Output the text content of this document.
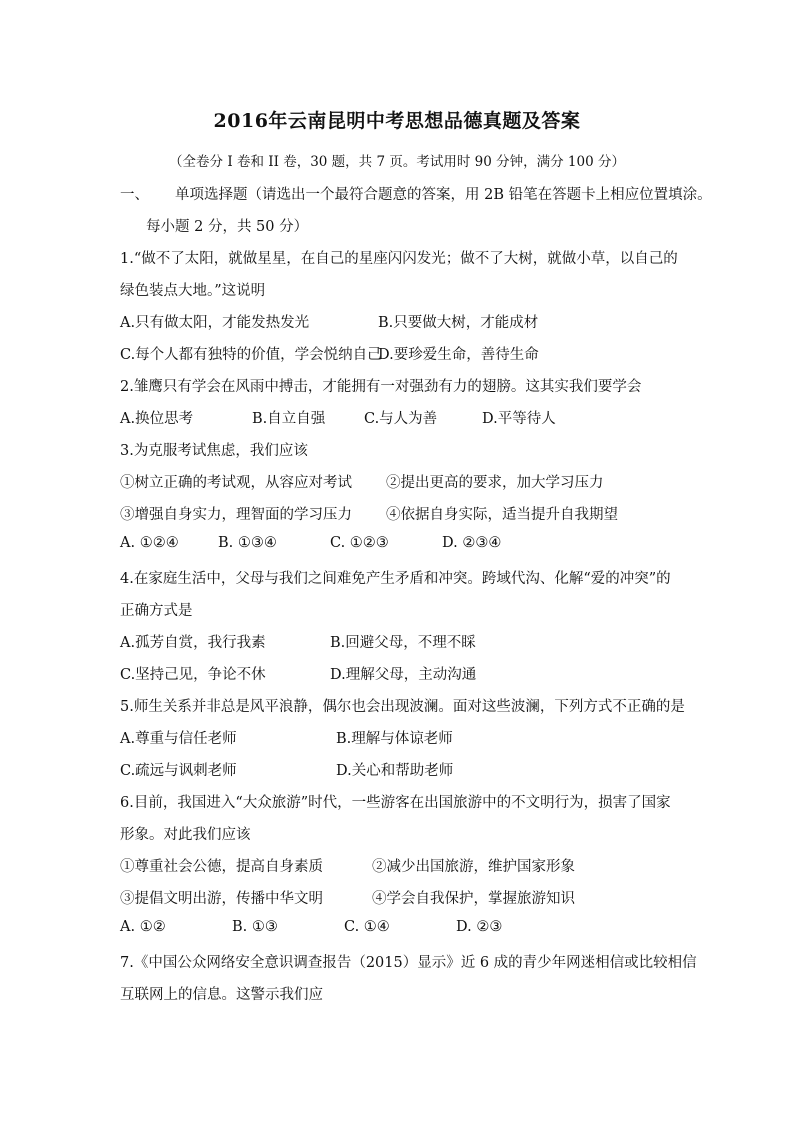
2016年云南昆明中考思想品德真题及答案
（全卷分 I 卷和 II 卷，30 题，共 7 页。考试用时 90 分钟，满分 100 分）
一、 单项选择题（请选出一个最符合题意的答案，用 2B 铅笔在答题卡上相应位置填涂。
每小题 2 分，共 50 分）
1.“做不了太阳，就做星星，在自己的星座闪闪发光；做不了大树，就做小草，以自己的
绿色装点大地。”这说明
A.只有做太阳，才能发热发光	B.只要做大树，才能成材
C.每个人都有独特的价值，学会悦纳自己
D.要珍爱生命，善待生命
2.雏鹰只有学会在风雨中搏击，才能拥有一对强劲有力的翅膀。这其实我们要学会
A.换位思考	B.自立自强	C.与人为善	D.平等待人
3.为克服考试焦虑，我们应该
①树立正确的考试观，从容应对考试 ②提出更高的要求，加大学习压力
③增强自身实力，理智面的学习压力 ④依据自身实际，适当提升自我期望
A. ①②④	B. ①③④	C. ①②③	D. ②③④
4.在家庭生活中，父母与我们之间难免产生矛盾和冲突。跨域代沟、化解“爱的冲突”的
正确方式是
A.孤芳自赏，我行我素	B.回避父母，不理不睬
C.坚持己见，争论不休	D.理解父母，主动沟通
5.师生关系并非总是风平浪静，偶尔也会出现波澜。面对这些波澜，下列方式不正确的是
A.尊重与信任老师	B.理解与体谅老师
C.疏远与讽刺老师	D.关心和帮助老师
6.目前，我国进入“大众旅游”时代，一些游客在出国旅游中的不文明行为，损害了国家
形象。对此我们应该
①尊重社会公德，提高自身素质	②减少出国旅游，维护国家形象
③提倡文明出游，传播中华文明	④学会自我保护，掌握旅游知识
A. ①②	B. ①③	C. ①④	D. ②③
7.《中国公众网络安全意识调查报告（2015）显示》近 6 成的青少年网迷相信或比较相信
互联网上的信息。这警示我们应
